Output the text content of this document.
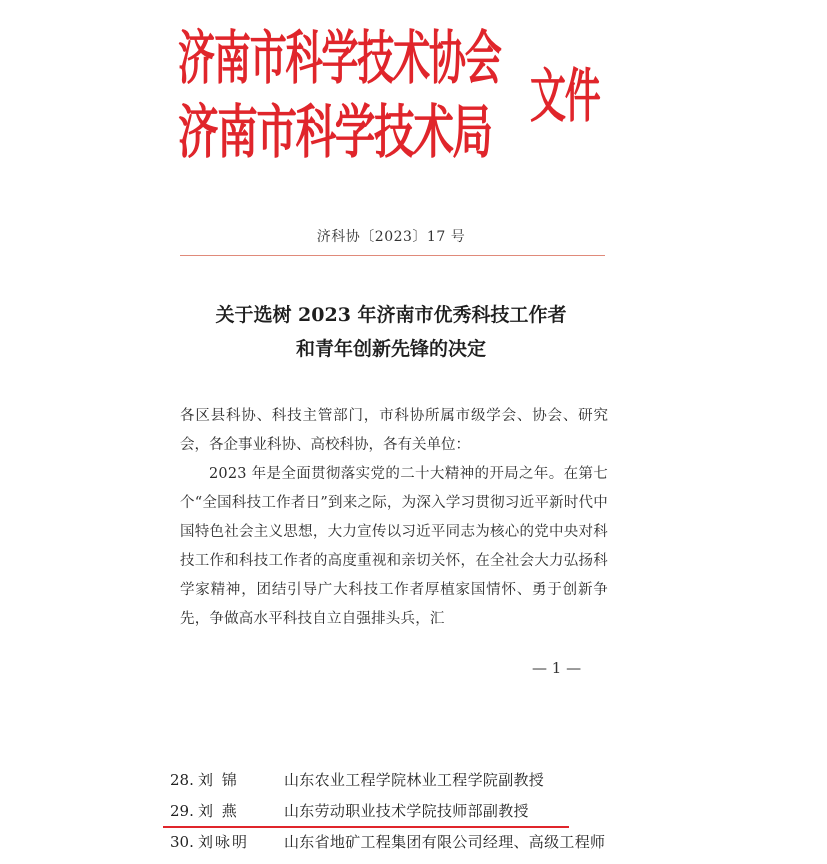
济南市科学技术协会
济南市科学技术局
文件
济科协〔2023〕17 号
关于选树 2023 年济南市优秀科技工作者
和青年创新先锋的决定
各区县科协、科技主管部门，市科协所属市级学会、协会、研究会，各企事业科协、高校科协，各有关单位：
2023 年是全面贯彻落实党的二十大精神的开局之年。在第七个“全国科技工作者日”到来之际，为深入学习贯彻习近平新时代中国特色社会主义思想，大力宣传以习近平同志为核心的党中央对科技工作和科技工作者的高度重视和亲切关怀，在全社会大力弘扬科学家精神，团结引导广大科技工作者厚植家国情怀、勇于创新争先，争做高水平科技自立自强排头兵，汇
— 1 —
28. 刘 锦	山东农业工程学院林业工程学院副教授
29. 刘 燕	山东劳动职业技术学院技师部副教授
30. 刘咏明	山东省地矿工程集团有限公司经理、高级工程师
